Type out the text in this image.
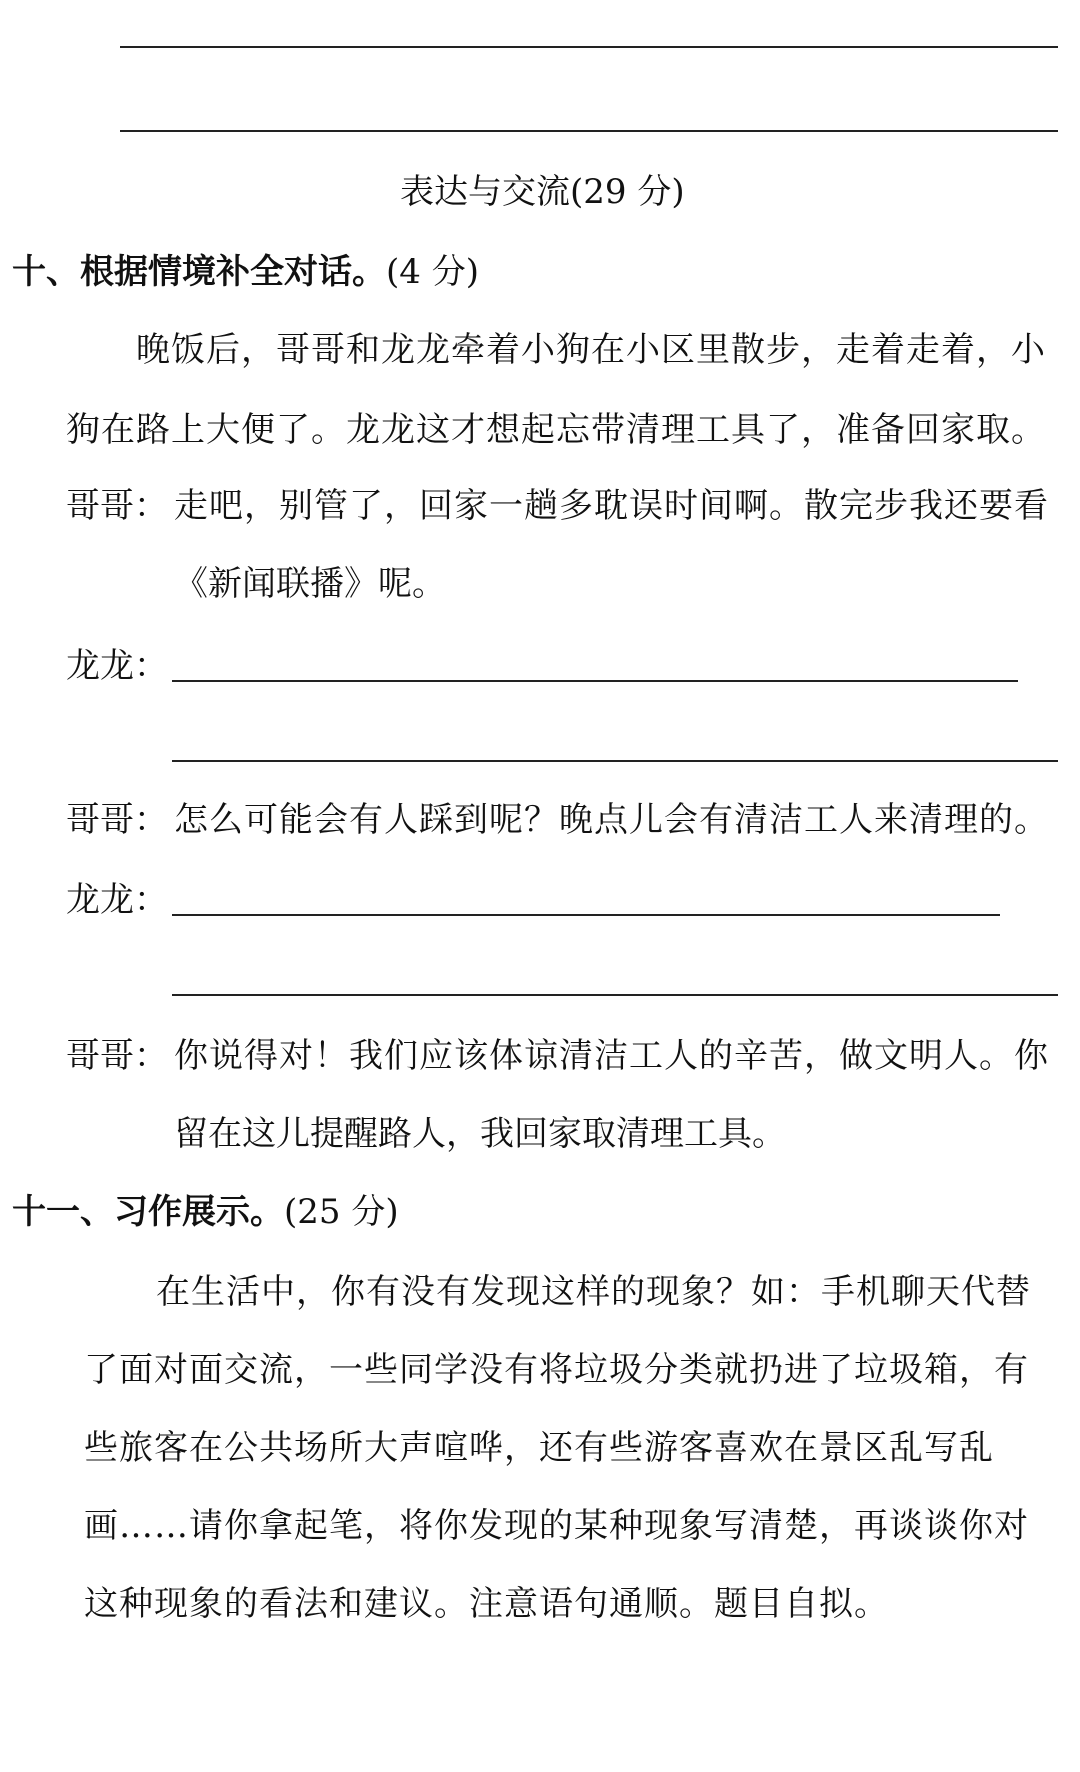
表达与交流(29 分)
十、根据情境补全对话。(4 分)
晚饭后，哥哥和龙龙牵着小狗在小区里散步，走着走着，小
狗在路上大便了。龙龙这才想起忘带清理工具了，准备回家取。
哥哥： 走吧，别管了，回家一趟多耽误时间啊。散完步我还要看
《新闻联播》呢。
龙龙：
哥哥： 怎么可能会有人踩到呢？晚点儿会有清洁工人来清理的。
龙龙：
哥哥： 你说得对！我们应该体谅清洁工人的辛苦，做文明人。你
留在这儿提醒路人，我回家取清理工具。
十一、习作展示。(25 分)
在生活中，你有没有发现这样的现象？如：手机聊天代替
了面对面交流，一些同学没有将垃圾分类就扔进了垃圾箱，有
些旅客在公共场所大声喧哗，还有些游客喜欢在景区乱写乱
画……请你拿起笔，将你发现的某种现象写清楚，再谈谈你对
这种现象的看法和建议。注意语句通顺。题目自拟。
